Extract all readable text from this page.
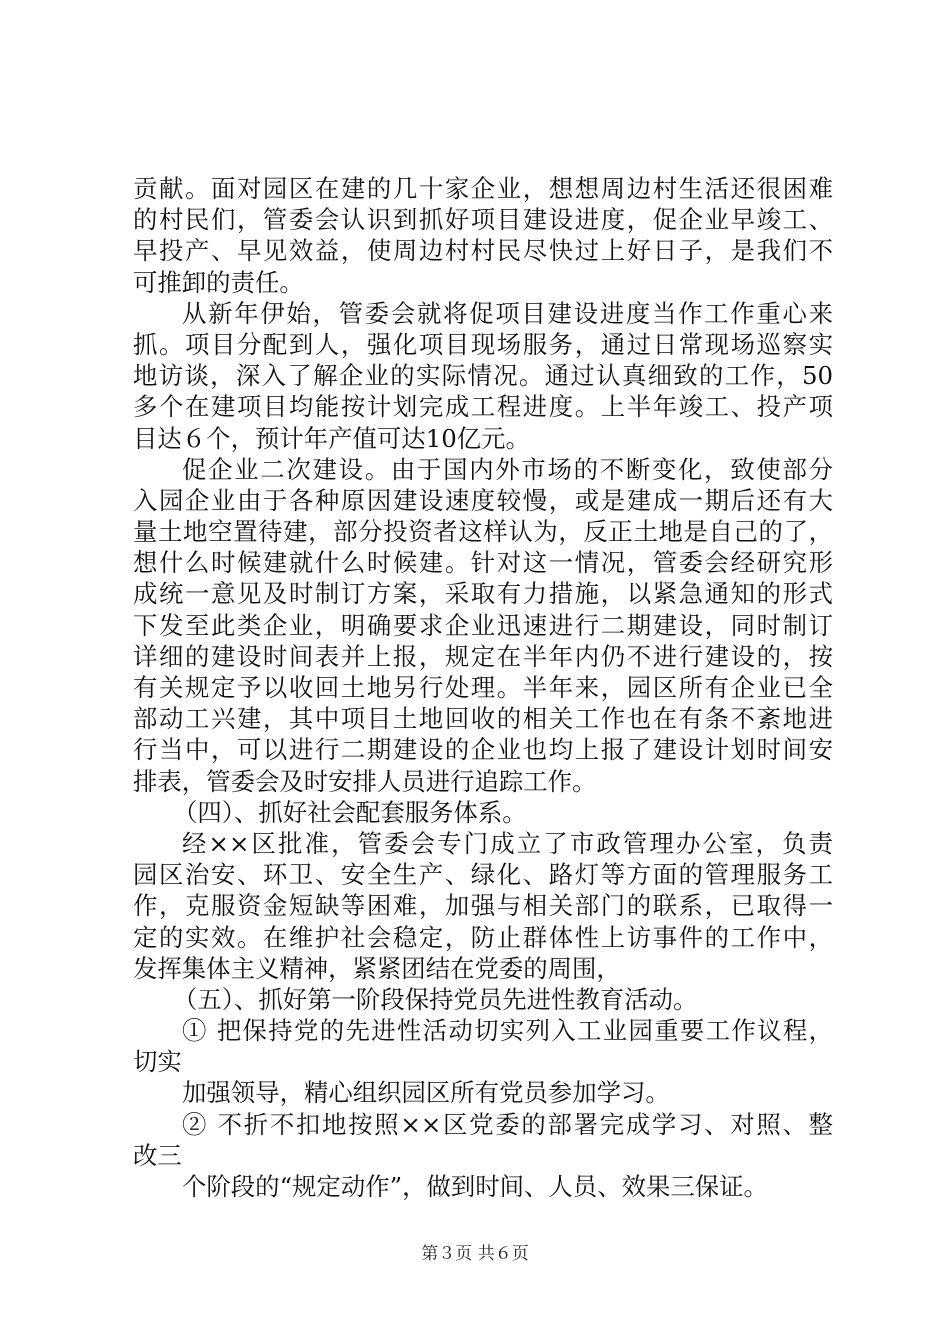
贡献。面对园区在建的几十家企业，想想周边村生活还很困难
的村民们，管委会认识到抓好项目建设进度，促企业早竣工、
早投产、早见效益，使周边村村民尽快过上好日子，是我们不
可推卸的责任。
从新年伊始，管委会就将促项目建设进度当作工作重心来
抓。项目分配到人，强化项目现场服务，通过日常现场巡察实
地访谈，深入了解企业的实际情况。通过认真细致的工作，50
多个在建项目均能按计划完成工程进度。上半年竣工、投产项
目达６个，预计年产值可达10亿元。
促企业二次建设。由于国内外市场的不断变化，致使部分
入园企业由于各种原因建设速度较慢，或是建成一期后还有大
量土地空置待建，部分投资者这样认为，反正土地是自己的了，
想什么时候建就什么时候建。针对这一情况，管委会经研究形
成统一意见及时制订方案，采取有力措施，以紧急通知的形式
下发至此类企业，明确要求企业迅速进行二期建设，同时制订
详细的建设时间表并上报，规定在半年内仍不进行建设的，按
有关规定予以收回土地另行处理。半年来，园区所有企业已全
部动工兴建，其中项目土地回收的相关工作也在有条不紊地进
行当中，可以进行二期建设的企业也均上报了建设计划时间安
排表，管委会及时安排人员进行追踪工作。
（四）、抓好社会配套服务体系。
经××区批准，管委会专门成立了市政管理办公室，负责
园区治安、环卫、安全生产、绿化、路灯等方面的管理服务工
作，克服资金短缺等困难，加强与相关部门的联系，已取得一
定的实效。在维护社会稳定，防止群体性上访事件的工作中，
发挥集体主义精神，紧紧团结在党委的周围，
（五）、抓好第一阶段保持党员先进性教育活动。
① 把保持党的先进性活动切实列入工业园重要工作议程，
切实
加强领导，精心组织园区所有党员参加学习。
② 不折不扣地按照××区党委的部署完成学习、对照、整
改三
个阶段的“规定动作”，做到时间、人员、效果三保证。
第３页 共６页
